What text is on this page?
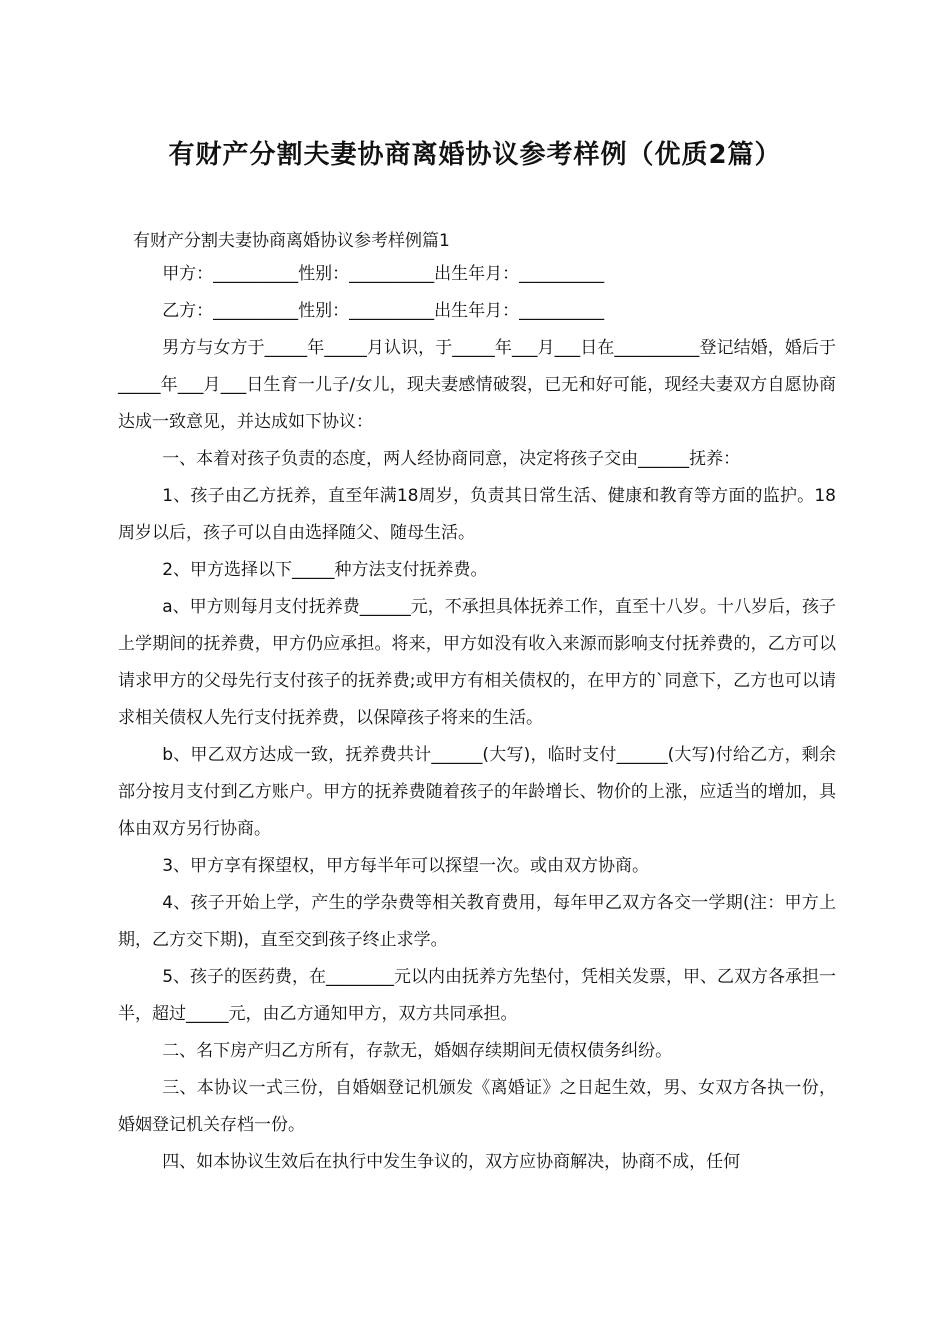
有财产分割夫妻协商离婚协议参考样例（优质2篇）

有财产分割夫妻协商离婚协议参考样例篇1

甲方：__________性别：__________出生年月：__________

乙方：__________性别：__________出生年月：__________

男方与女方于_____年_____月认识，于_____年___月___日在__________登记结婚，婚后于_____年___月___日生育一儿子/女儿，现夫妻感情破裂，已无和好可能，现经夫妻双方自愿协商达成一致意见，并达成如下协议：

一、本着对孩子负责的态度，两人经协商同意，决定将孩子交由______抚养：

1、孩子由乙方抚养，直至年满18周岁，负责其日常生活、健康和教育等方面的监护。18周岁以后，孩子可以自由选择随父、随母生活。

2、甲方选择以下_____种方法支付抚养费。

a、甲方则每月支付抚养费______元，不承担具体抚养工作，直至十八岁。十八岁后，孩子上学期间的抚养费，甲方仍应承担。将来，甲方如没有收入来源而影响支付抚养费的，乙方可以请求甲方的父母先行支付孩子的抚养费;或甲方有相关债权的，在甲方的`同意下，乙方也可以请求相关债权人先行支付抚养费，以保障孩子将来的生活。

b、甲乙双方达成一致，抚养费共计______(大写)，临时支付______(大写)付给乙方，剩余部分按月支付到乙方账户。甲方的抚养费随着孩子的年龄增长、物价的上涨，应适当的增加，具体由双方另行协商。

3、甲方享有探望权，甲方每半年可以探望一次。或由双方协商。

4、孩子开始上学，产生的学杂费等相关教育费用，每年甲乙双方各交一学期(注：甲方上期，乙方交下期)，直至交到孩子终止求学。

5、孩子的医药费，在________元以内由抚养方先垫付，凭相关发票，甲、乙双方各承担一半，超过_____元，由乙方通知甲方，双方共同承担。

二、名下房产归乙方所有，存款无，婚姻存续期间无债权债务纠纷。

三、本协议一式三份，自婚姻登记机颁发《离婚证》之日起生效，男、女双方各执一份，婚姻登记机关存档一份。

四、如本协议生效后在执行中发生争议的，双方应协商解决，协商不成，任何
